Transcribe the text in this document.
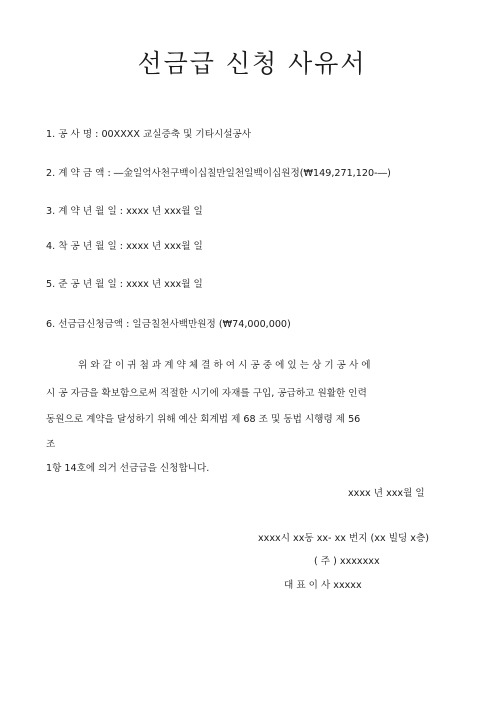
선금급 신청 사유서
1. 공 사 명 : 00XXXX 교실증축 및 기타시설공사
2. 계 약 금 액 : ―金일억사천구백이십칠만일천일백이십원정(₩149,271,120-―)
3. 계 약 년 월 일 : xxxx 년 xxx월 일
4. 착 공 년 월 일 : xxxx 년 xxx월 일
5. 준 공 년 월 일 : xxxx 년 xxx월 일
6. 선금급신청금액 : 일금칠천사백만원정 (₩74,000,000)
위 와 같 이 귀 첨 과 계 약 체 결 하 여 시 공 중 에 있 는 상 기 공 사 에
시 공 자금을 확보함으로써 적절한 시기에 자재를 구입, 공급하고 원활한 인력
동원으로 계약을 달성하기 위해 예산 회계법 제 68 조 및 동법 시행령 제 56
조
1항 14호에 의거 선금급을 신청합니다.
xxxx 년 xxx월 일
xxxx시 xx동 xx- xx 번지 (xx 빌딩 x층)
( 주 ) xxxxxxx
대 표 이 사 xxxxx
